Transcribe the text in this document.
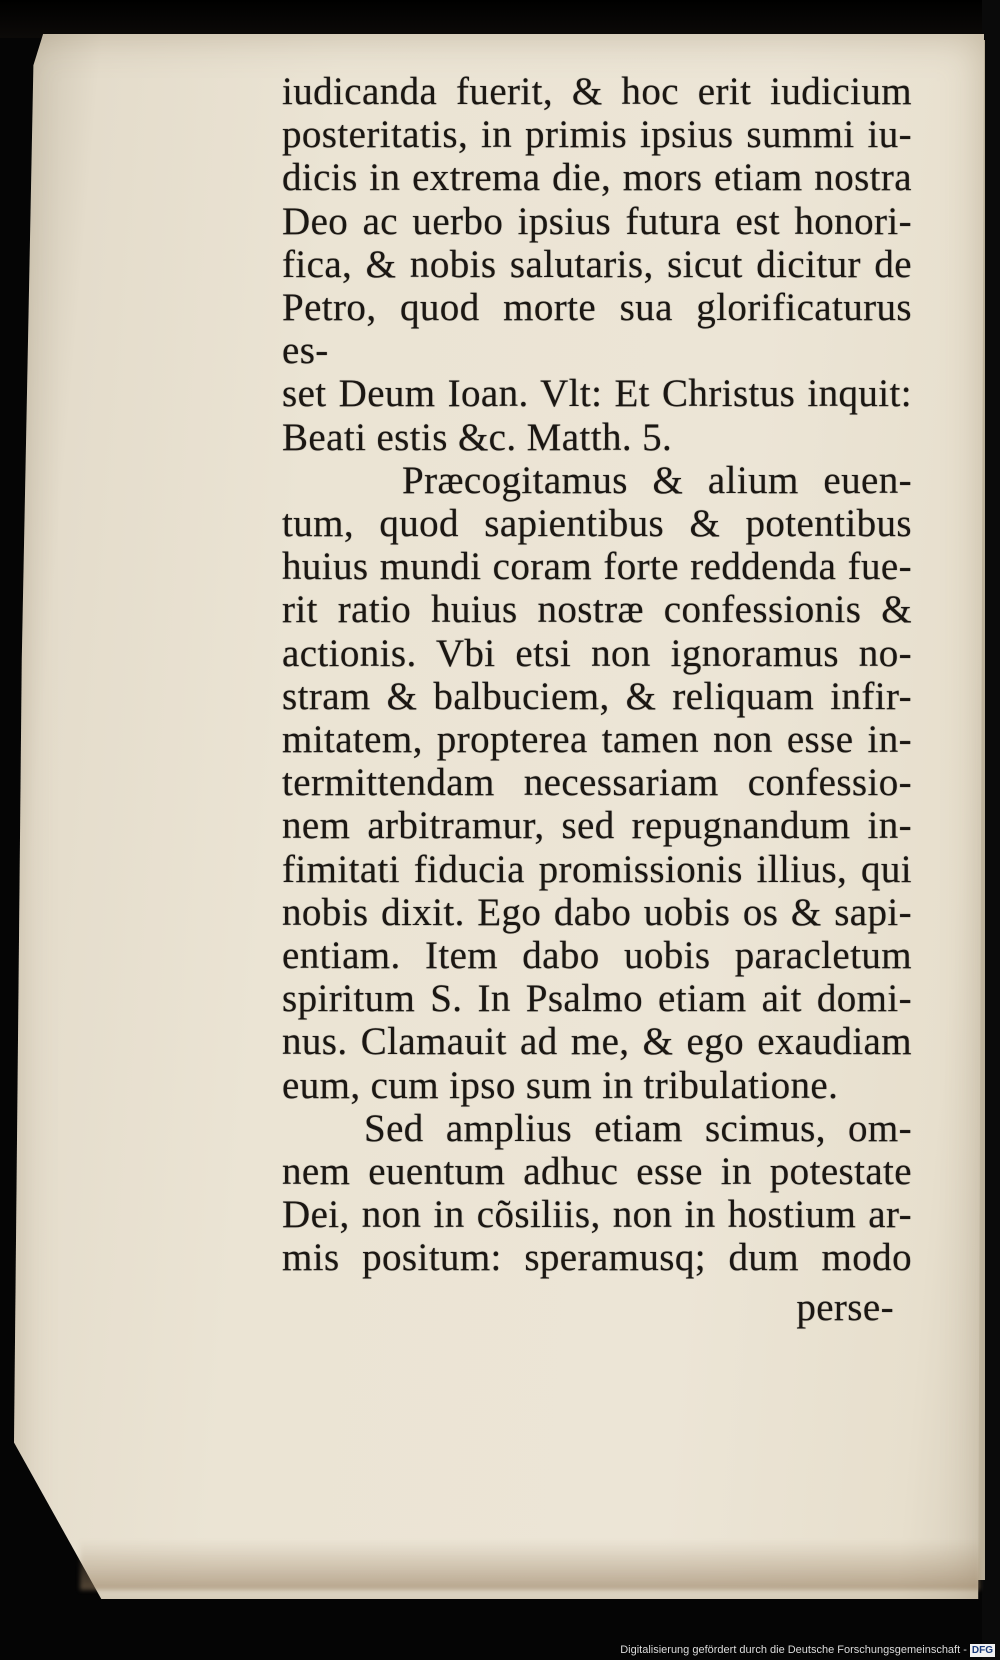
iudicanda fuerit, & hoc erit iudicium
posteritatis, in primis ipsius summi iu-
dicis in extrema die, mors etiam nostra
Deo ac uerbo ipsius futura est honori-
fica, & nobis salutaris, sicut dicitur de
Petro, quod morte sua glorificaturus es-
set Deum Ioan. Vlt: Et Christus inquit:
Beati estis &c. Matth. 5.
Præcogitamus & alium euen-
tum, quod sapientibus & potentibus
huius mundi coram forte reddenda fue-
rit ratio huius nostræ confessionis &
actionis. Vbi etsi non ignoramus no-
stram & balbuciem, & reliquam infir-
mitatem, propterea tamen non esse in-
termittendam necessariam confessio-
nem arbitramur, sed repugnandum in-
fimitati fiducia promissionis illius, qui
nobis dixit. Ego dabo uobis os & sapi-
entiam. Item dabo uobis paracletum
spiritum S. In Psalmo etiam ait domi-
nus. Clamauit ad me, & ego exaudiam
eum, cum ipso sum in tribulatione.
Sed amplius etiam scimus, om-
nem euentum adhuc esse in potestate
Dei, non in cõsiliis, non in hostium ar-
mis positum: speramusq; dum modo
perse-
Digitalisierung gefördert durch die Deutsche Forschungsgemeinschaft - DFG
